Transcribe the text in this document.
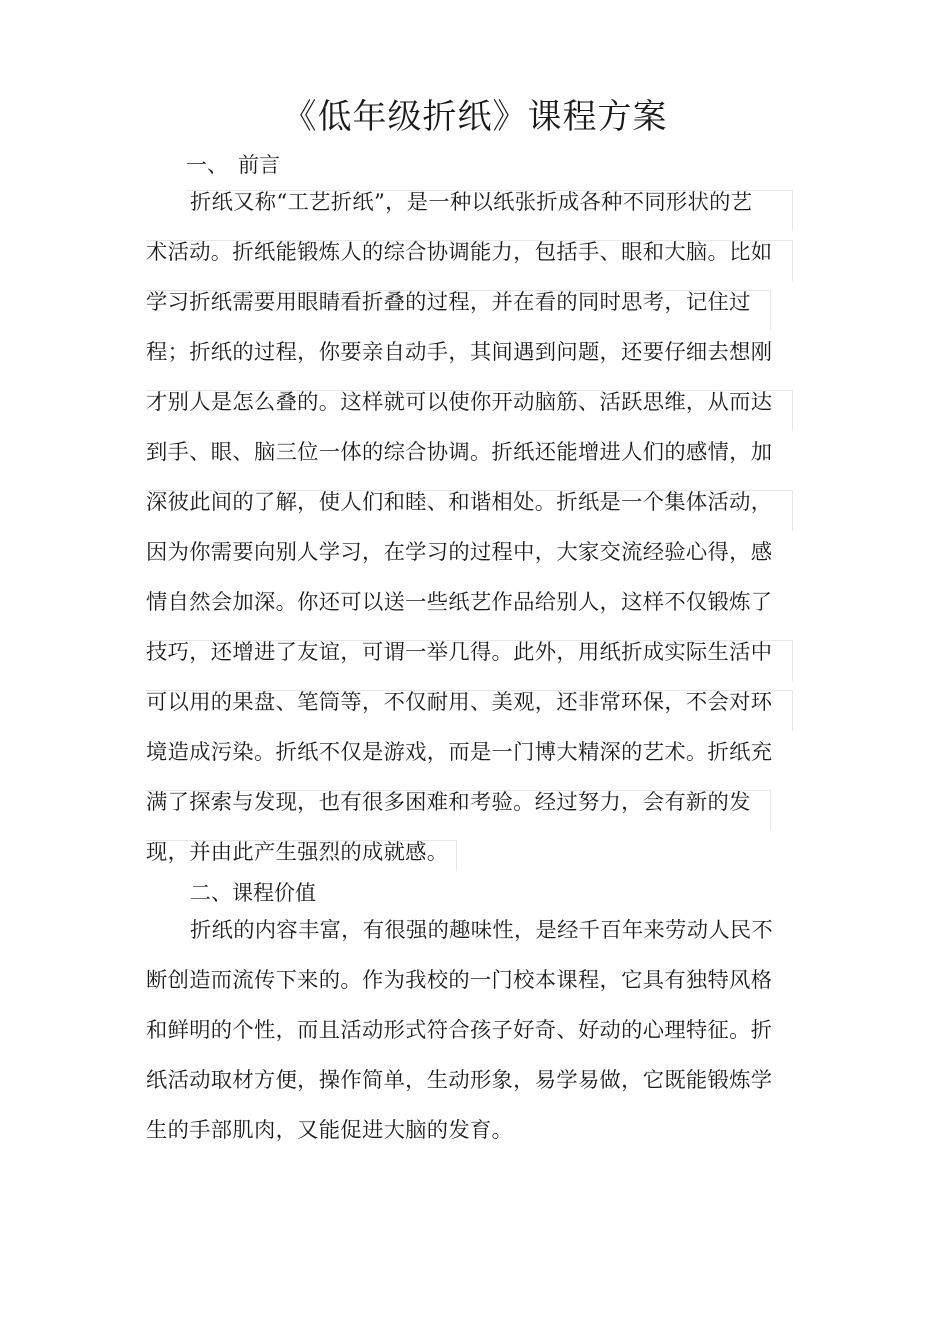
《低年级折纸》课程方案
一、 前言

折纸又称“工艺折纸”，是一种以纸张折成各种不同形状的艺
术活动。折纸能锻炼人的综合协调能力，包括手、眼和大脑。比如
学习折纸需要用眼睛看折叠的过程，并在看的同时思考，记住过
程；折纸的过程，你要亲自动手，其间遇到问题，还要仔细去想刚
才别人是怎么叠的。这样就可以使你开动脑筋、活跃思维，从而达
到手、眼、脑三位一体的综合协调。折纸还能增进人们的感情，加
深彼此间的了解，使人们和睦、和谐相处。折纸是一个集体活动，
因为你需要向别人学习，在学习的过程中，大家交流经验心得，感
情自然会加深。你还可以送一些纸艺作品给别人，这样不仅锻炼了
技巧，还增进了友谊，可谓一举几得。此外，用纸折成实际生活中
可以用的果盘、笔筒等，不仅耐用、美观，还非常环保，不会对环
境造成污染。折纸不仅是游戏，而是一门博大精深的艺术。折纸充
满了探索与发现，也有很多困难和考验。经过努力，会有新的发
现，并由此产生强烈的成就感。

二、课程价值

折纸的内容丰富，有很强的趣味性，是经千百年来劳动人民不
断创造而流传下来的。作为我校的一门校本课程，它具有独特风格
和鲜明的个性，而且活动形式符合孩子好奇、好动的心理特征。折
纸活动取材方便，操作简单，生动形象，易学易做，它既能锻炼学
生的手部肌肉，又能促进大脑的发育。
